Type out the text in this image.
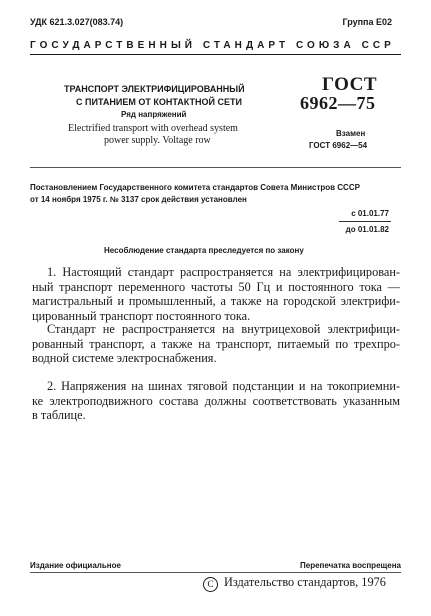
УДК 621.3.027(083.74)	Группа Е02
ГОСУДАРСТВЕННЫЙ СТАНДАРТ СОЮЗА ССР
ТРАНСПОРТ ЭЛЕКТРИФИЦИРОВАННЫЙ
С ПИТАНИЕМ ОТ КОНТАКТНОЙ СЕТИ
Ряд напряжений
Electrified transport with overhead system
power supply. Voltage row
ГОСТ
6962—75
Взамен
ГОСТ 6962—54
Постановлением Государственного комитета стандартов Совета Министров СССР
от 14 ноября 1975 г. № 3137 срок действия установлен
с 01.01.77
до 01.01.82
Несоблюдение стандарта преследуется по закону
1. Настоящий стандарт распространяется на электрифицирован-
ный транспорт переменного частоты 50 Гц и постоянного тока —
магистральный и промышленный, а также на городской электрифи-
цированный транспорт постоянного тока.
Стандарт не распространяется на внутрицеховой электрифици-
рованный транспорт, а также на транспорт, питаемый по трехпро-
водной системе электроснабжения.
2. Напряжения на шинах тяговой подстанции и на токоприемни-
ке электроподвижного состава должны соответствовать указанным
в таблице.
Издание официальное	Перепечатка воспрещена
C Издательство стандартов, 1976
